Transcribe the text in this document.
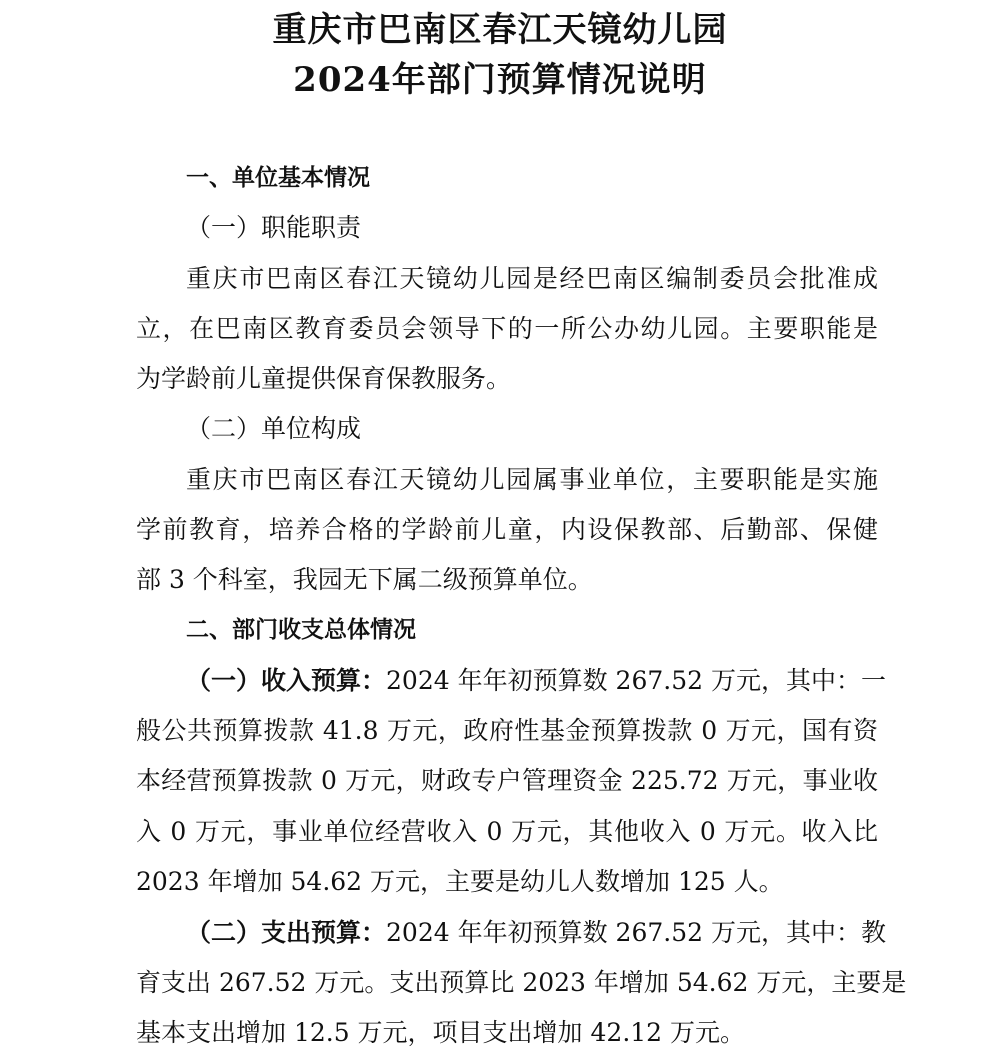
重庆市巴南区春江天镜幼儿园
2024年部门预算情况说明

一、单位基本情况

（一）职能职责

重庆市巴南区春江天镜幼儿园是经巴南区编制委员会批准成

立，在巴南区教育委员会领导下的一所公办幼儿园。主要职能是

为学龄前儿童提供保育保教服务。

（二）单位构成

重庆市巴南区春江天镜幼儿园属事业单位，主要职能是实施

学前教育，培养合格的学龄前儿童，内设保教部、后勤部、保健

部 3 个科室，我园无下属二级预算单位。

二、部门收支总体情况

（一）收入预算：2024 年年初预算数 267.52 万元，其中：一

般公共预算拨款 41.8 万元，政府性基金预算拨款 0 万元，国有资

本经营预算拨款 0 万元，财政专户管理资金 225.72 万元，事业收

入 0 万元，事业单位经营收入 0 万元，其他收入 0 万元。收入比

2023 年增加 54.62 万元，主要是幼儿人数增加 125 人。

（二）支出预算：2024 年年初预算数 267.52 万元，其中：教

育支出 267.52 万元。支出预算比 2023 年增加 54.62 万元，主要是

基本支出增加 12.5 万元，项目支出增加 42.12 万元。
